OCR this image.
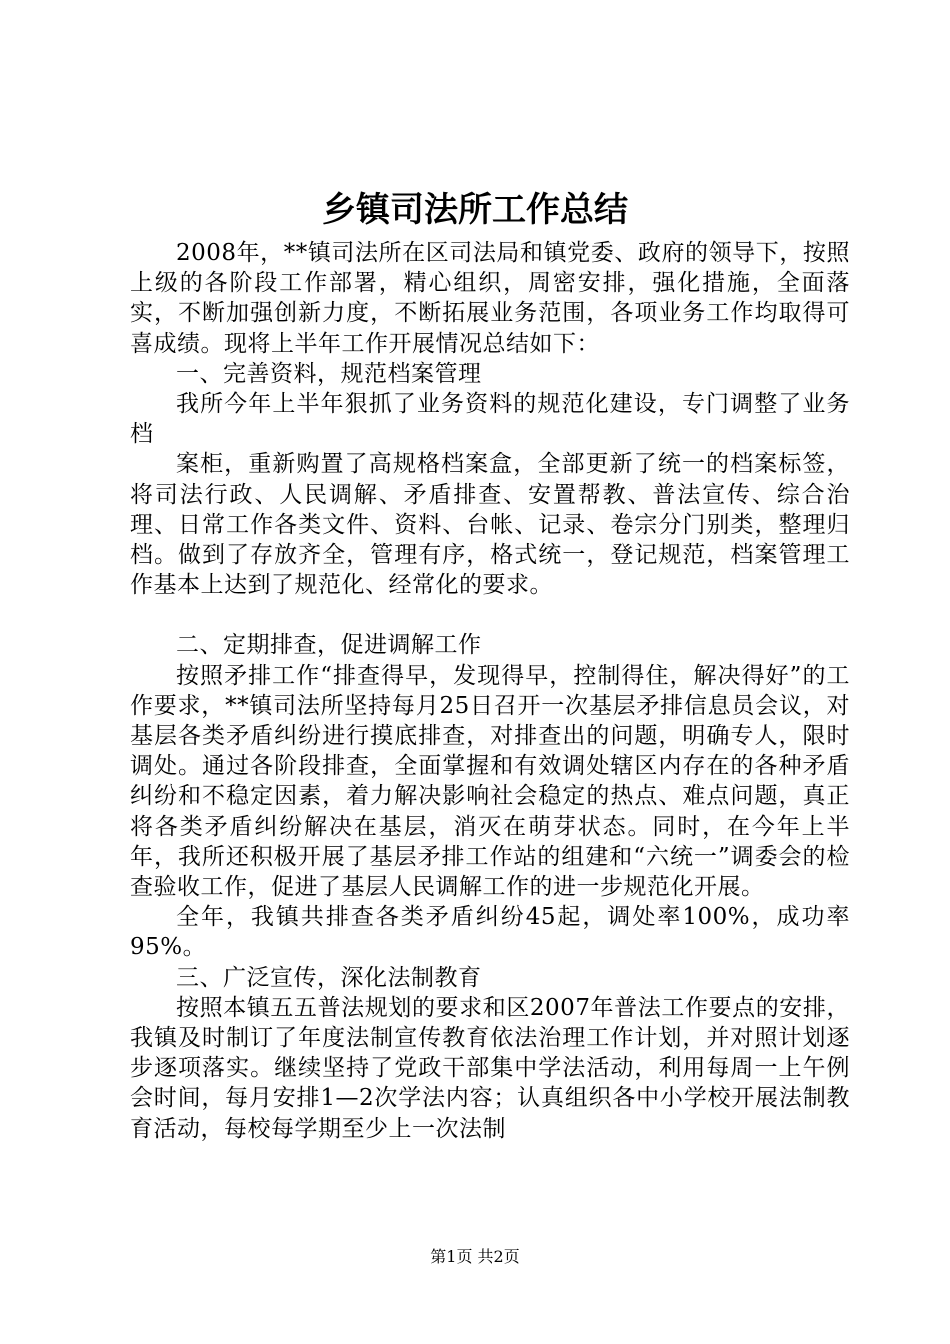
乡镇司法所工作总结

2008年，**镇司法所在区司法局和镇党委、政府的领导下，按照上级的各阶段工作部署，精心组织，周密安排，强化措施，全面落实，不断加强创新力度，不断拓展业务范围，各项业务工作均取得可喜成绩。现将上半年工作开展情况总结如下：

一、完善资料，规范档案管理

我所今年上半年狠抓了业务资料的规范化建设，专门调整了业务档

案柜，重新购置了高规格档案盒，全部更新了统一的档案标签，将司法行政、人民调解、矛盾排查、安置帮教、普法宣传、综合治理、日常工作各类文件、资料、台帐、记录、卷宗分门别类，整理归档。做到了存放齐全，管理有序，格式统一，登记规范，档案管理工作基本上达到了规范化、经常化的要求。

二、定期排查，促进调解工作

按照矛排工作“排查得早，发现得早，控制得住，解决得好”的工作要求，**镇司法所坚持每月25日召开一次基层矛排信息员会议，对基层各类矛盾纠纷进行摸底排查，对排查出的问题，明确专人，限时调处。通过各阶段排查，全面掌握和有效调处辖区内存在的各种矛盾纠纷和不稳定因素，着力解决影响社会稳定的热点、难点问题，真正将各类矛盾纠纷解决在基层，消灭在萌芽状态。同时，在今年上半年，我所还积极开展了基层矛排工作站的组建和“六统一”调委会的检查验收工作，促进了基层人民调解工作的进一步规范化开展。

全年，我镇共排查各类矛盾纠纷45起，调处率100%，成功率95%。

三、广泛宣传，深化法制教育

按照本镇五五普法规划的要求和区2007年普法工作要点的安排，我镇及时制订了年度法制宣传教育依法治理工作计划，并对照计划逐步逐项落实。继续坚持了党政干部集中学法活动，利用每周一上午例会时间，每月安排1—2次学法内容；认真组织各中小学校开展法制教育活动，每校每学期至少上一次法制

第1页 共2页
